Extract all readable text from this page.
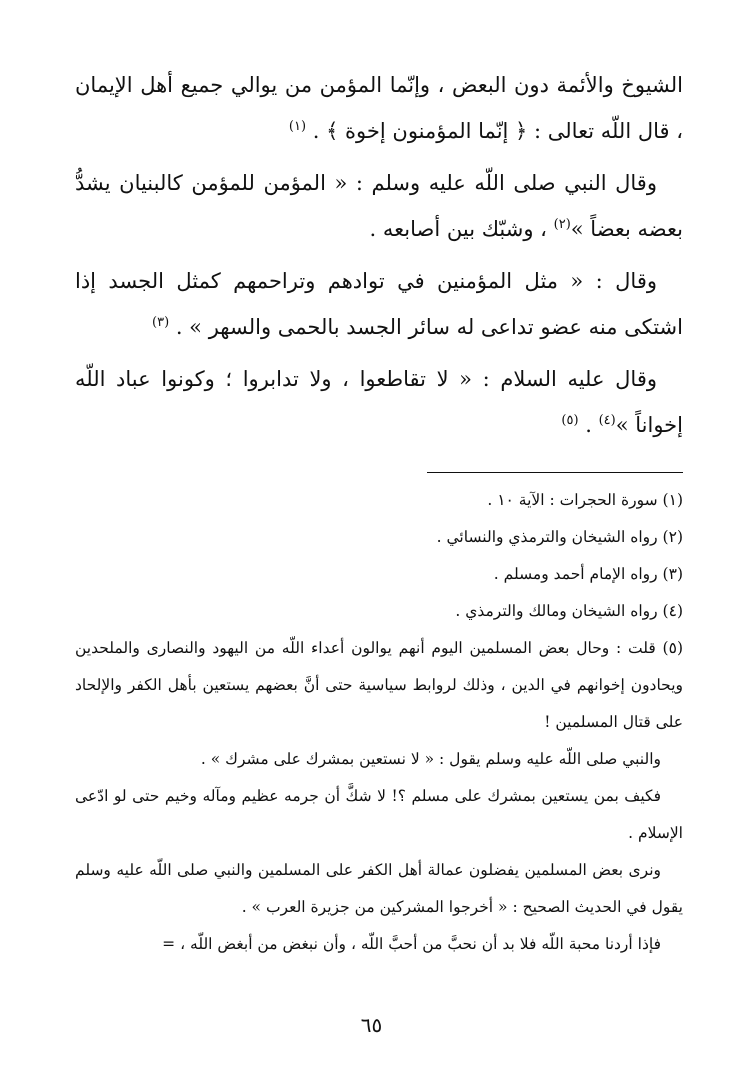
الشيوخ والأئمة دون البعض ، وإنّما المؤمن من يوالي جميع أهل الإيمان ، قال اللّه تعالى : ﴿ إنّما المؤمنون إخوة ﴾ . $^{(١)}$

وقال النبي صلى اللّه عليه وسلم : « المؤمن للمؤمن كالبنيان يشدُّ بعضه بعضاً »$^{(٢)}$ ، وشبّك بين أصابعه .

وقال : « مثل المؤمنين في توادهم وتراحمهم كمثل الجسد إذا اشتكى منه عضو تداعى له سائر الجسد بالحمى والسهر » . $^{(٣)}$

وقال عليه السلام : « لا تقاطعوا ، ولا تدابروا ؛ وكونوا عباد اللّه إخواناً »$^{(٤)}$ . $^{(٥)}$

(١) سورة الحجرات : الآية ١٠ .

(٢) رواه الشيخان والترمذي والنسائي .

(٣) رواه الإمام أحمد ومسلم .

(٤) رواه الشيخان ومالك والترمذي .

(٥) قلت : وحال بعض المسلمين اليوم أنهم يوالون أعداء اللّه من اليهود والنصارى والملحدين ويحادون إخوانهم في الدين ، وذلك لروابط سياسية حتى أنَّ بعضهم يستعين بأهل الكفر والإلحاد على قتال المسلمين !

والنبي صلى اللّه عليه وسلم يقول : « لا نستعين بمشرك على مشرك » .

فكيف بمن يستعين بمشرك على مسلم ؟! لا شكَّ أن جرمه عظيم ومآله وخيم حتى لو ادّعى الإسلام .

ونرى بعض المسلمين يفضلون عمالة أهل الكفر على المسلمين والنبي صلى اللّه عليه وسلم يقول في الحديث الصحيح : « أخرجوا المشركين من جزيرة العرب » .

فإذا أردنا محبة اللّه فلا بد أن نحبَّ من أحبَّ اللّه ، وأن نبغض من أبغض اللّه ، =

٦٥
